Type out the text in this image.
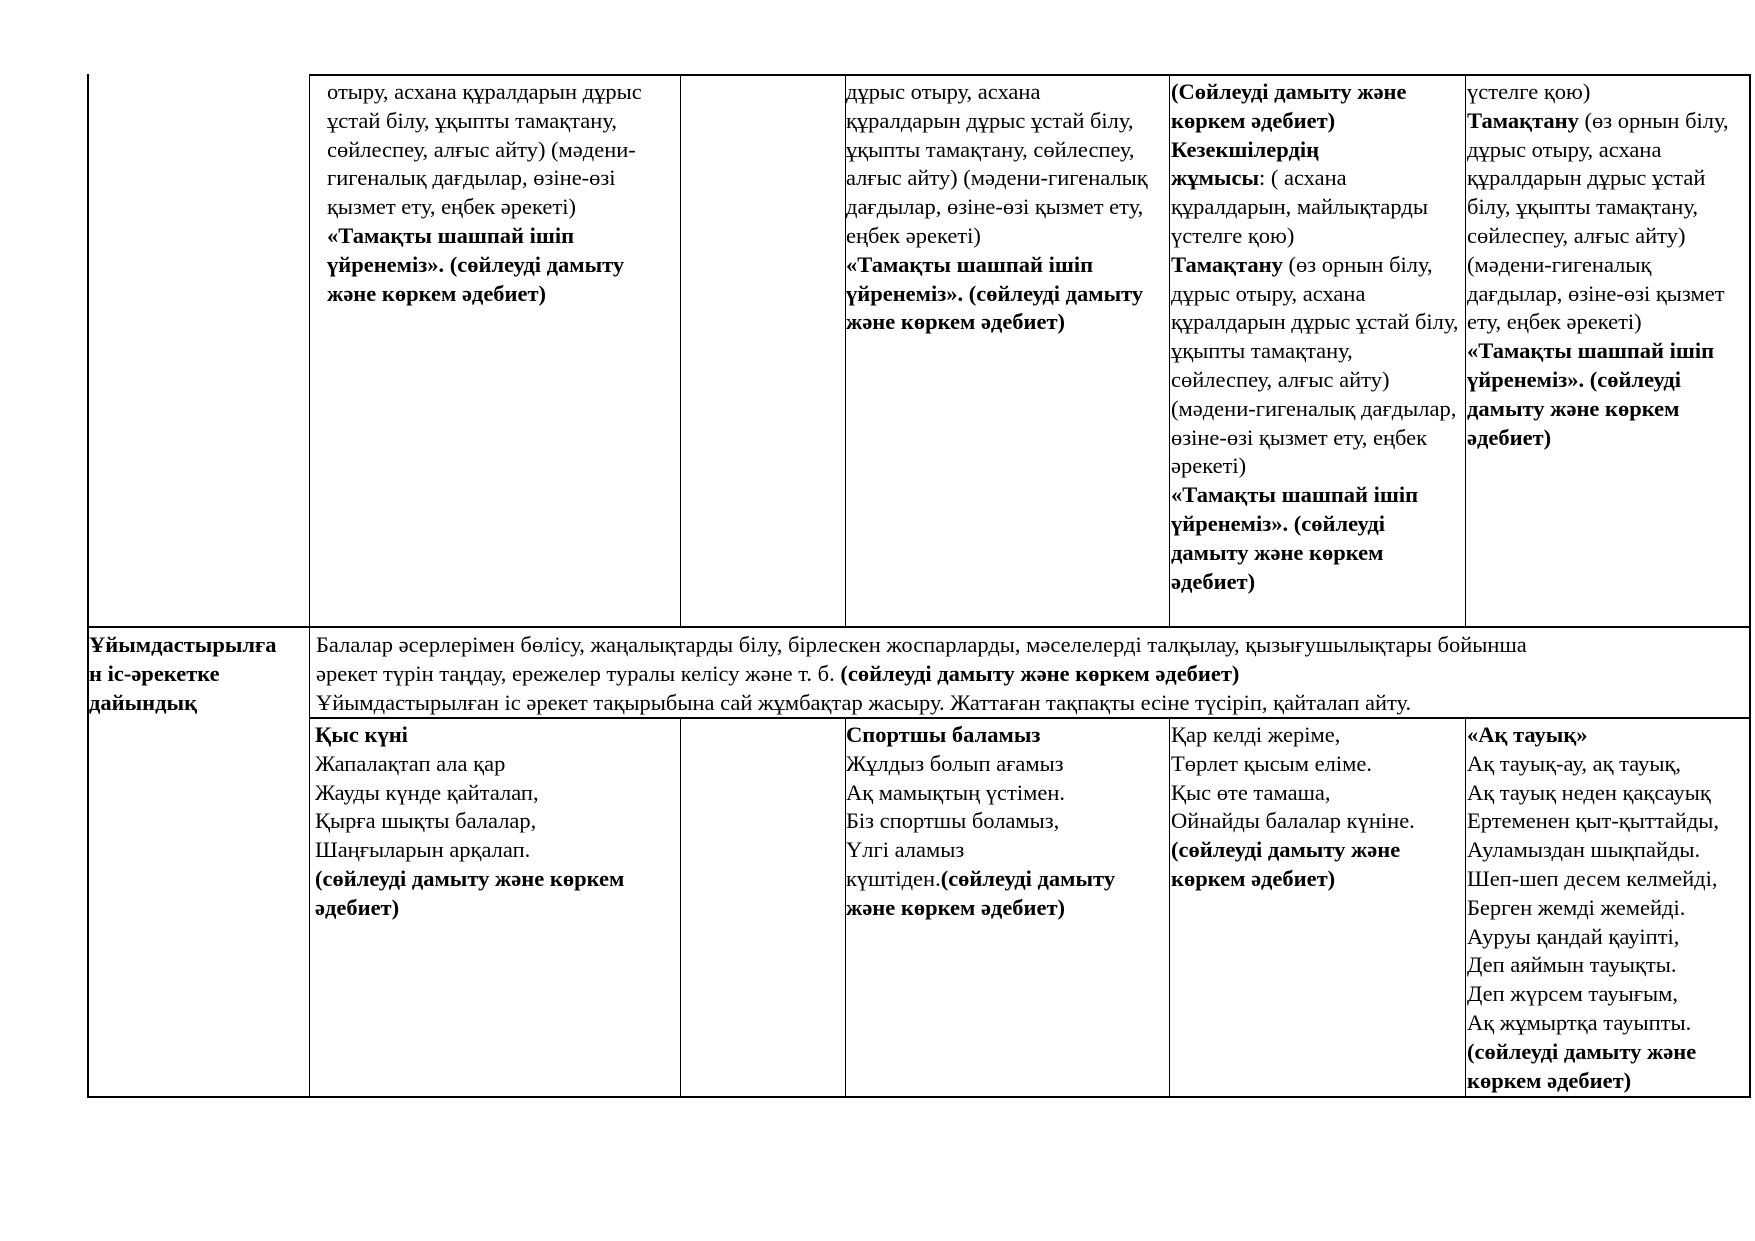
отыру, асхана құралдарын дұрыс
ұстай білу, ұқыпты тамақтану,
сөйлеспеу, алғыс айту) (мәдени-
гигеналық дағдылар, өзіне-өзі
қызмет ету, еңбек әрекеті)
«Тамақты шашпай ішіп
үйренеміз». (сөйлеуді дамыту
және көркем әдебиет)
дұрыс отыру, асхана
құралдарын дұрыс ұстай білу,
ұқыпты тамақтану, сөйлеспеу,
алғыс айту) (мәдени-гигеналық
дағдылар, өзіне-өзі қызмет ету,
еңбек әрекеті)
«Тамақты шашпай ішіп
үйренеміз». (сөйлеуді дамыту
және көркем әдебиет)
(Сөйлеуді дамыту және
көркем әдебиет)
Кезекшілердің
жұмысы: ( асхана
құралдарын, майлықтарды
үстелге қою)
Тамақтану (өз орнын білу,
дұрыс отыру, асхана
құралдарын дұрыс ұстай білу,
ұқыпты тамақтану,
сөйлеспеу, алғыс айту)
(мәдени-гигеналық дағдылар,
өзіне-өзі қызмет ету, еңбек
әрекеті)
«Тамақты шашпай ішіп
үйренеміз». (сөйлеуді
дамыту және көркем
әдебиет)
үстелге қою)
Тамақтану (өз орнын білу,
дұрыс отыру, асхана
құралдарын дұрыс ұстай
білу, ұқыпты тамақтану,
сөйлеспеу, алғыс айту)
(мәдени-гигеналық
дағдылар, өзіне-өзі қызмет
ету, еңбек әрекеті)
«Тамақты шашпай ішіп
үйренеміз». (сөйлеуді
дамыту және көркем
әдебиет)
Ұйымдастырылға
н іс-әрекетке
дайындық
Балалар әсерлерімен бөлісу, жаңалықтарды білу, бірлескен жоспарларды, мәселелерді талқылау, қызығушылықтары бойынша
әрекет түрін таңдау, ережелер туралы келісу және т. б. (сөйлеуді дамыту және көркем әдебиет)
Ұйымдастырылған іс әрекет тақырыбына сай жұмбақтар жасыру. Жаттаған тақпақты есіне түсіріп, қайталап айту.
Қыс күні
Жапалақтап ала қар
Жауды күнде қайталап,
Қырға шықты балалар,
Шаңғыларын арқалап.
(сөйлеуді дамыту және көркем
әдебиет)
Спортшы баламыз
Жұлдыз болып ағамыз
Ақ мамықтың үстімен.
Біз спортшы боламыз,
Үлгі аламыз
күштіден.(сөйлеуді дамыту
және көркем әдебиет)
Қар келді жеріме,
Төрлет қысым еліме.
Қыс өте тамаша,
Ойнайды балалар күніне.
(сөйлеуді дамыту және
көркем әдебиет)
«Ақ тауық»
Ақ тауық-ау, ақ тауық,
Ақ тауық неден қақсауық
Ертеменен қыт-қыттайды,
Ауламыздан шықпайды.
Шеп-шеп десем келмейді,
Берген жемді жемейді.
Ауруы қандай қауіпті,
Деп аяймын тауықты.
Деп жүрсем тауығым,
Ақ жұмыртқа тауыпты.
(сөйлеуді дамыту және
көркем әдебиет)
